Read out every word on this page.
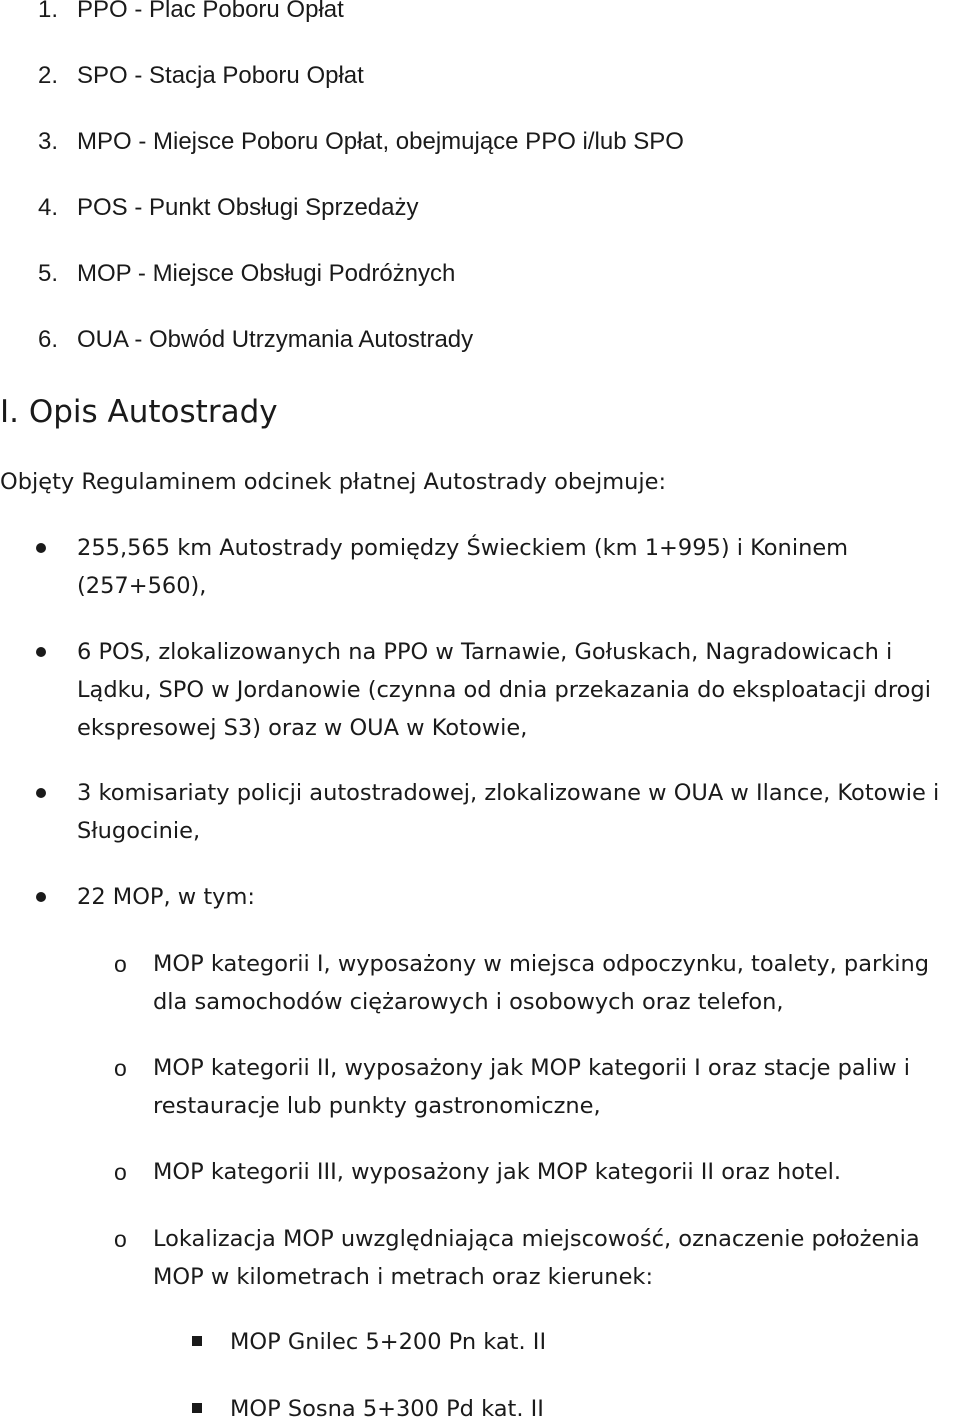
1. PPO - Plac Poboru Opłat
2. SPO - Stacja Poboru Opłat
3. MPO - Miejsce Poboru Opłat, obejmujące PPO i/lub SPO
4. POS - Punkt Obsługi Sprzedaży
5. MOP - Miejsce Obsługi Podróżnych
6. OUA - Obwód Utrzymania Autostrady
I. Opis Autostrady
Objęty Regulaminem odcinek płatnej Autostrady obejmuje:
255,565 km Autostrady pomiędzy Świeckiem (km 1+995) i Koninem (257+560),
6 POS, zlokalizowanych na PPO w Tarnawie, Gołuskach, Nagradowicach i Lądku, SPO w Jordanowie (czynna od dnia przekazania do eksploatacji drogi ekspresowej S3) oraz w OUA w Kotowie,
3 komisariaty policji autostradowej, zlokalizowane w OUA w Ilance, Kotowie i Sługocinie,
22 MOP, w tym:
o MOP kategorii I, wyposażony w miejsca odpoczynku, toalety, parking dla samochodów ciężarowych i osobowych oraz telefon,
o MOP kategorii II, wyposażony jak MOP kategorii I oraz stacje paliw i restauracje lub punkty gastronomiczne,
o MOP kategorii III, wyposażony jak MOP kategorii II oraz hotel.
o Lokalizacja MOP uwzględniająca miejscowość, oznaczenie położenia MOP w kilometrach i metrach oraz kierunek:
MOP Gnilec 5+200 Pn kat. II
MOP Sosna 5+300 Pd kat. II
